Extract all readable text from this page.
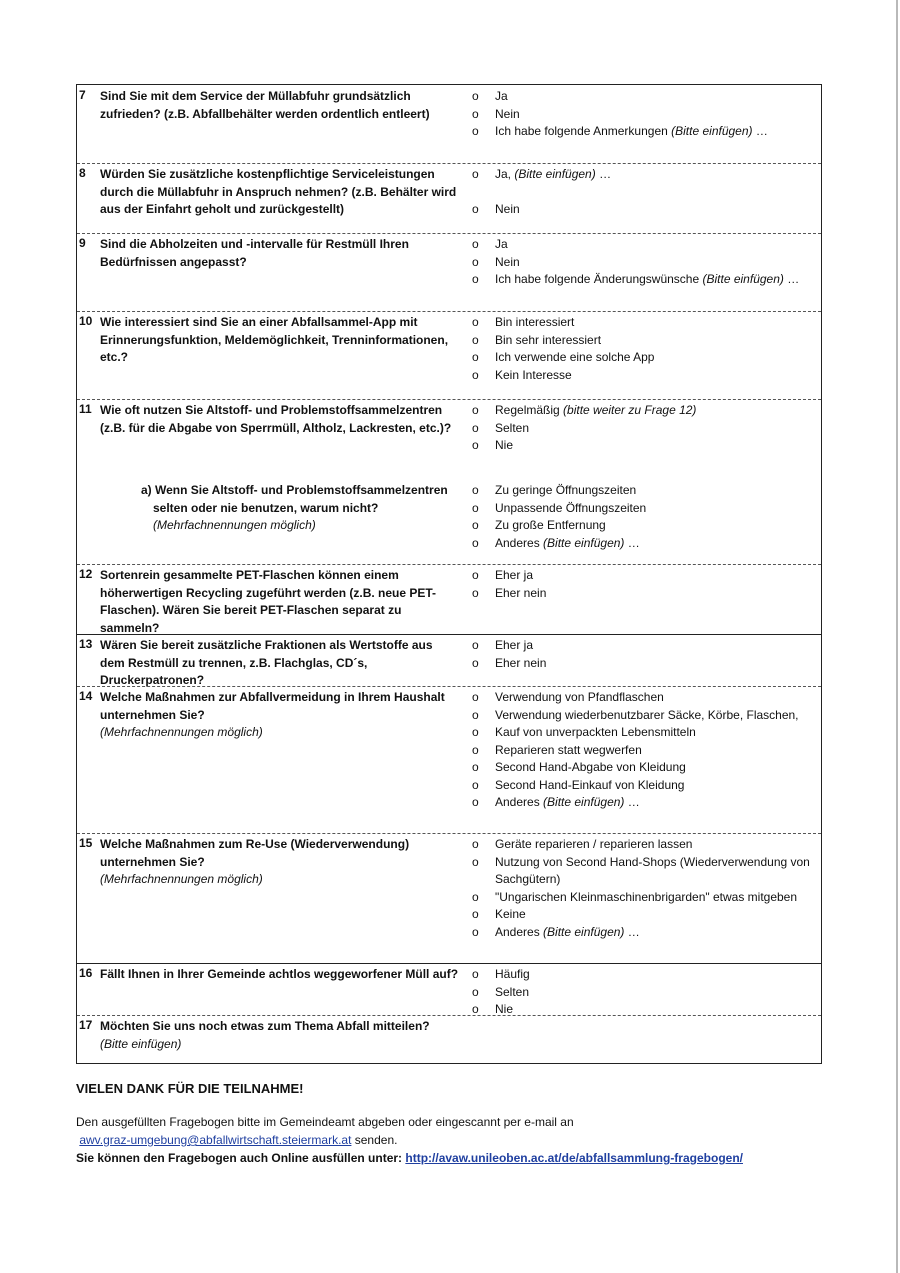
7 Sind Sie mit dem Service der Müllabfuhr grundsätzlich zufrieden? (z.B. Abfallbehälter werden ordentlich entleert)
o Ja
o Nein
o Ich habe folgende Anmerkungen (Bitte einfügen) …
8 Würden Sie zusätzliche kostenpflichtige Serviceleistungen durch die Müllabfuhr in Anspruch nehmen? (z.B. Behälter wird aus der Einfahrt geholt und zurückgestellt)
o Ja, (Bitte einfügen) …
o Nein
9 Sind die Abholzeiten und -intervalle für Restmüll Ihren Bedürfnissen angepasst?
o Ja
o Nein
o Ich habe folgende Änderungswünsche (Bitte einfügen) …
10 Wie interessiert sind Sie an einer Abfallsammel-App mit Erinnerungsfunktion, Meldemöglichkeit, Trenninformationen, etc.?
o Bin interessiert
o Bin sehr interessiert
o Ich verwende eine solche App
o Kein Interesse
11 Wie oft nutzen Sie Altstoff- und Problemstoffsammelzentren (z.B. für die Abgabe von Sperrmüll, Altholz, Lackresten, etc.)?
o Regelmäßig (bitte weiter zu Frage 12)
o Selten
o Nie
a) Wenn Sie Altstoff- und Problemstoffsammelzentren
selten oder nie benutzen, warum nicht?
(Mehrfachnennungen möglich)
o Zu geringe Öffnungszeiten
o Unpassende Öffnungszeiten
o Zu große Entfernung
o Anderes (Bitte einfügen) …
12 Sortenrein gesammelte PET-Flaschen können einem höherwertigen Recycling zugeführt werden (z.B. neue PET-Flaschen). Wären Sie bereit PET-Flaschen separat zu sammeln?
o Eher ja
o Eher nein
13 Wären Sie bereit zusätzliche Fraktionen als Wertstoffe aus dem Restmüll zu trennen, z.B. Flachglas, CD´s, Druckerpatronen?
o Eher ja
o Eher nein
14 Welche Maßnahmen zur Abfallvermeidung in Ihrem Haushalt unternehmen Sie?
(Mehrfachnennungen möglich)
o Verwendung von Pfandflaschen
o Verwendung wiederbenutzbarer Säcke, Körbe, Flaschen,
o Kauf von unverpackten Lebensmitteln
o Reparieren statt wegwerfen
o Second Hand-Abgabe von Kleidung
o Second Hand-Einkauf von Kleidung
o Anderes (Bitte einfügen) …
15 Welche Maßnahmen zum Re-Use (Wiederverwendung) unternehmen Sie?
(Mehrfachnennungen möglich)
o Geräte reparieren / reparieren lassen
o Nutzung von Second Hand-Shops (Wiederverwendung von Sachgütern)
o "Ungarischen Kleinmaschinenbrigarden" etwas mitgeben
o Keine
o Anderes (Bitte einfügen) …
16 Fällt Ihnen in Ihrer Gemeinde achtlos weggeworfener Müll auf? o Häufig
o Selten
o Nie
17 Möchten Sie uns noch etwas zum Thema Abfall mitteilen?
(Bitte einfügen)
VIELEN DANK FÜR DIE TEILNAHME!
Den ausgefüllten Fragebogen bitte im Gemeindeamt abgeben oder eingescannt per e-mail an
awv.graz-umgebung@abfallwirtschaft.steiermark.at senden.
Sie können den Fragebogen auch Online ausfüllen unter: http://avaw.unileoben.ac.at/de/abfallsammlung-fragebogen/
